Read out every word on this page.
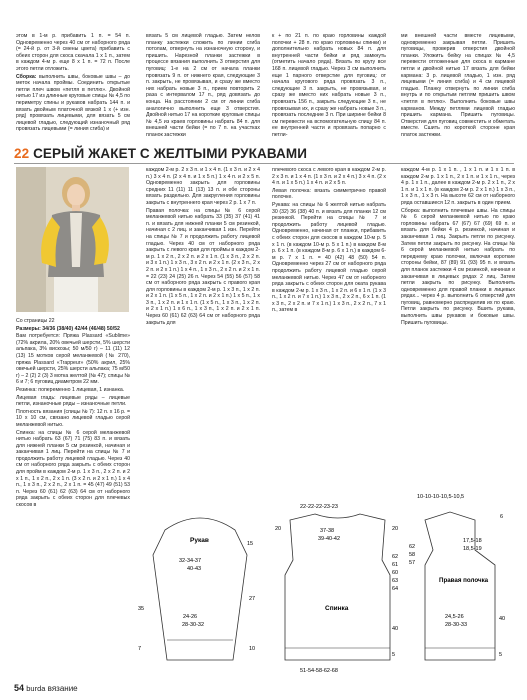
этом в 1-м р. прибавить 1 п. = 54 п. Одновременно через 40 см от наборного ряда (= 24-й р. от 3-й смены цвета) прибавить с обеих сторон для скоса скачала 1 х 1 п., затем в каждом 4-м р. еще 8 х 1 п. = 72 п. После этого петли отложить.

Сборка: выполнить швы, боковые швы – до меток начала проймы. Соединить открытые петли плеч швом «петля в петлю». Двойной нитью 17 из длинные круговые спицы № 4,5 по периметру спины и рукавов набрать 144 п. и вязать двойным платочной вязкой 1 х (+ изн. ряд) провязать лицевыми, для вязать 5 см лицевой гладью, следующий изнаночный ряд провязать лицевыми (= линия сгиба) и

вязать 5 см лицевой гладью. Затем нелов планку застежки сложить по линии сгиба потолам, отвернуть на изнаночную сторону, и пришить. Нарезной планки застежки в процессе вязания выполнить 3 отверстия для пуговиц: 1-е на 2 см от начала планки провязать 9 п. от нижнего края, следующие 3 п. закрыть, не провязывая, и сразу же вместо них набрать новые 3 п., прием повторить 2 раза с интервалом 17 п., ряд довязать до конца. На расстоянии 2 см от линии сгиба аналогично выполнить еще 3 отверстия. Двойной нитью 17 на короткие круговые спицы № 4,5 из краев горловины набрать 84 п. для внешней части бейки (= по 7 п. на участках планок застежки

к + по 21 п. по краю горловины каждой полочки + 28 п. по краю горловины спинки) и дополнительно набрать новых 84 п. для внутренней части бейки и ряд замкнуть (отметить начало ряда). Вязать по кругу все 168 п. лицевой гладью. Через 3 см выполнить еще 1 парного отверстие для пуговиц: от начала кругового ряда провязать 3 п., следующие 3 п. закрыть, не провязывая, и сразу же вместо них набрать новые 3 п., провязать 156 п., закрыть следующие 3 п., не провязывая их, и сразу же набрать новые 3 п., провязать последние 3 п. При ширине бейки 8 см перевести на вспомогательную спицу 84 п. ее внутренней части и провязать попарно с петли-

ми внешней части вместе лицевыми, одновременно закрывая петли. Пришить пуговицы, проверив отверстия двойной планки. Уложить бейку на спицах № 4,5 перевести отложенные для скоса в кармане петли и двойной нитью 17 вязать для бейки кармана: 3 р. лицевой гладью, 1 изн. ряд лицевыми (= линия сгиба) и 4 см лицевой гладью. Планку отвернуть по линии сгиба внутрь и по открытым петлям пришить швом «петля в петлю». Выполнить боковые швы карманов. Между петлями лицевой гладью пришить кармана. Пришить пуговицы. Отверстия для пуговиц совместить и обметать вместе. Сшить по короткой стороне края платок застежки.

22 СЕРЫЙ ЖАКЕТ С ЖЕЛТЫМИ РУКАВАМИ

Со страницы 22

Размеры: 34/36 (38/40) 42/44 (46/48) 50/52

Вам потребуется: Пряжа Plassard «Sublime» (72% акрила, 20% овечьей шерсти, 5% шерсти альпака, 3% вискозы; 50 м/50 г) – 11 (11) 12 (13) 15 мотков серой меланжевой (№ 270), пряжа Plassard «Trappeur» (50% акрил, 25% овечьей шерсти, 25% шерсти альпака; 75 м/50 г) – 2 (2) 2 (3) 3 мотка желтой (№ 47); спицы № 6 и 7; 6 пуговиц диаметром 22 мм.

Резинка: попеременно 1 лицевая, 1 изнанка.

Лицевая гладь: лицевые ряды – лицевые петли, изнаночные ряды – изнаночные петли.

Плотность вязания (спицы № 7): 12 п. x 16 р. = 10 x 10 см, связано лицевой гладью серой меланжевой нитью.

Спинка: на спицы № 6 серой меланжевой нитью набрать 63 (67) 71 (75) 83 п. и вязать для нижней планки 5 см резинкой, начиная и заканчивая 1 лиц. Перейти на спицы № 7 и продолжить работу лицевой гладью. Через 40 см от наборного ряда закрыть с обеих сторон для пройм в каждом 2-м р. 1 х 3 п., 2 х 2 п. и 2 х 1 п., 1 х 2 п., 2 х 1 п. (3 х 2 п. и 2 х 1 п.) 1 х 4 п., 1 х 3 п., 2 х 2 п., 2 х 1 п. = 45 (47) 49 (51) 53 п. Через 60 (61) 62 (63) 64 см от наборного ряда закрыть с обеих сторон для плечевых скосов в

каждом 2-м р. 2 х 3 п. и 1 х 4 п. (1 х 3 п. и 2 х 4 п.) 3 х 4 п. (2 х 4 п. и 1 х 5 п.) 1 х 4 п. и 2 х 5 п. Одновременно закрыть для горловины средних 11 (11) 11 (13) 13 п. и обе стороны вязать раздельно. Для закругления горловины закрыть с внутреннего края через 2 р. 1 х 7 п.

Правая полочка: на спицы № 6 серой меланжевой нитью набрать 33 (35) 37 (41) 41 п. и вязать для нижней планки 5 см резинкой, начиная с 2 лиц. и заканчивая 1 изн. Перейти на спицы № 7 и продолжить работу лицевой гладью. Через 40 см от наборного ряда закрыть с левого края для проймы в каждом 2-м р. 1 х 2 п., 2 х 2 п. и 2 х 1 п. (1 х 3 п., 2 х 2 п. и 3 х 1 п.) 1 х 3 п., 3 х 2 п. и 2 х 1 п. (2 х 3 п., 2 х 2 п. и 2 х 1 п.) 1 х 4 п., 1 х 3 п., 2 х 2 п. и 2 х 1 п. = 22 (23) 24 (25) 26 п. Через 54 (55) 56 (57) 58 см от наборного ряда закрыть с правого края для горловины в каждом 2-м р. 1 х 3 п., 1 х 2 п. и 2 х 1 п. (1 х 5 п., 1 х 2 п. и 2 х 1 п.) 1 х 5 п., 1 х 3 п., 1 х 2 п. и 1 х 1 п. (1 х 5 п., 1 х 3 п., 1 х 2 п. и 2 х 1 п.) 1 х 6 п., 1 х 3 п., 1 х 2 п. и 2 х 1 п. Через 60 (61) 62 (63) 64 см от наборного ряда закрыть для

плечевого скоса с левого края в каждом 2-м р. 2 х 3 п. и 1 х 4 п. (1 х 3 п. и 2 х 4 п.) 3 х 4 п. (2 х 4 п. и 1 х 5 п.) 1 х 4 п. и 2 х 5 п.

Левая полочка: вязать симметрично правой полочке.

Рукава: на спицы № 6 желтой нитью набрать 30 (32) 36 (38) 40 п. и вязать для планки 12 см резинкой. Перейти на спицы № 7 и продолжить работу лицевой гладью. Одновременно, начиная от планки, прибавить с обеих сторон для скосов в каждом 10-м р. 5 х 1 п. (в каждом 10-м р. 5 х 1 п.) в каждом 8-м р. 6 х 1 п. (в каждом 8-м р. 6 х 1 п.) в каждом 6-м р. 7 х 1 п. = 40 (42) 48 (50) 54 п. Одновременно через 27 см от наборного ряда продолжить работу лицевой гладью серой меланжевой нитью. Через 47 см от наборного ряда закрыть с обеих сторон для оката рукава в каждом 2-м р. 1 х 3 п., 1 х 2 п. и 6 х 1 п. (1 х 3 п., 1 х 2 п. и 7 х 1 п.) 1 х 3 п., 2 х 2 п., 6 х 1 п. (1 х 3 п., 2 х 2 п. и 7 х 1 п.) 1 х 3 п., 2 х 2 п., 7 х 1 п., затем в

каждом 4-м р. 1 х 1 п. , 1 х 1 п. и 1 х 1 п. в каждом 2-м р. 1 х 1 п., 2 х 1 п. и 1 х 1 п., через 4 р. 1 х 1 п., далее в каждом 2-м р. 2 х 1 п., 2 х 1 п. и 1 х 1 п. (в каждом 2-м р. 2 х 1 п.) 1 х 3 п., 1 х 3 п., 1 х 3 п. На высоте 62 см от наборного ряда оставшиеся 12 п. закрыть в один прием.

Сборка: выполнить плечевые швы. На спицы № 6 серой меланжевой нитью по краю горловины набрать 67 (67) 67 (69) 69 п. и вязать для бейки 4 р. резинкой, начиная и заканчивая 1 лиц. Закрыть петли по рисунку. Затем петли закрыть по рисунку. На спицы № 6 серой меланжевой нитью набрать по переднему краю полочки, включая короткие стороны бейки, 87 (89) 91 (93) 95 п. и вязать для планок застежки 4 см резинкой, начиная и заканчивая в лицевых рядах 2 лиц. Затем петли закрыть по рисунку. Выполнить одновременно для правой планки в лицевых рядах... через 4 р. выполнить 6 отверстий для пуговиц, равномерно распределив их по краю. Петли закрыть по рисунку. Вшить рукава, выполнить швы рукавов и боковые швы. Пришить пуговицы.

Рукав
32-34-37
40-43
24-26
28-30-32
35
15
27
10
7
22-22-22-23-23
37-38
39-40-42
Спинка
51-54-58-62-68
20	20
62
61
60
63
64
40
5
10-10-10-10,5-10,5
17,5-18
18,5-19
Правая полочка
24,5-26
28-30-33
6
62
58
57
40
5
54 burda вязание
